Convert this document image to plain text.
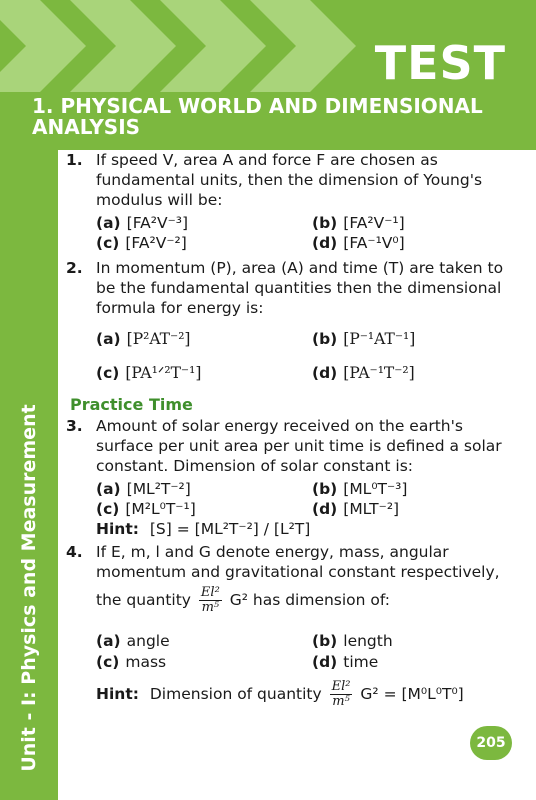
TEST
1. PHYSICAL WORLD AND DIMENSIONAL ANALYSIS
Unit - I: Physics and Measurement
1. If speed V, area A and force F are chosen as fundamental units, then the dimension of Young's modulus will be:
(a) [FA²V⁻³]	(b) [FA²V⁻¹]
(c) [FA²V⁻²]	(d) [FA⁻¹V⁰]
2. In momentum (P), area (A) and time (T) are taken to be the fundamental quantities then the dimensional formula for energy is:
(a) [P²AT⁻²]	(b) [P⁻¹AT⁻¹]
(c) [PA¹ᐟ²T⁻¹]	(d) [PA⁻¹T⁻²]
Practice Time
3. Amount of solar energy received on the earth's surface per unit area per unit time is defined a solar constant. Dimension of solar constant is:
(a) [ML²T⁻²]	(b) [ML⁰T⁻³]
(c) [M²L⁰T⁻¹]	(d) [MLT⁻²]
Hint: [S] = [ML²T⁻²] / [L²T]
4. If E, m, l and G denote energy, mass, angular momentum and gravitational constant respectively,
the quantity $\frac{\text{El²}}{\text{m⁵}} G^2$ has dimension of:
(a) angle	(b) length
(c) mass	(d) time
Hint: Dimension of quantity $\frac{\text{El²}}{\text{m⁵}} G^2 = [M^0L^0T^0]$
205
